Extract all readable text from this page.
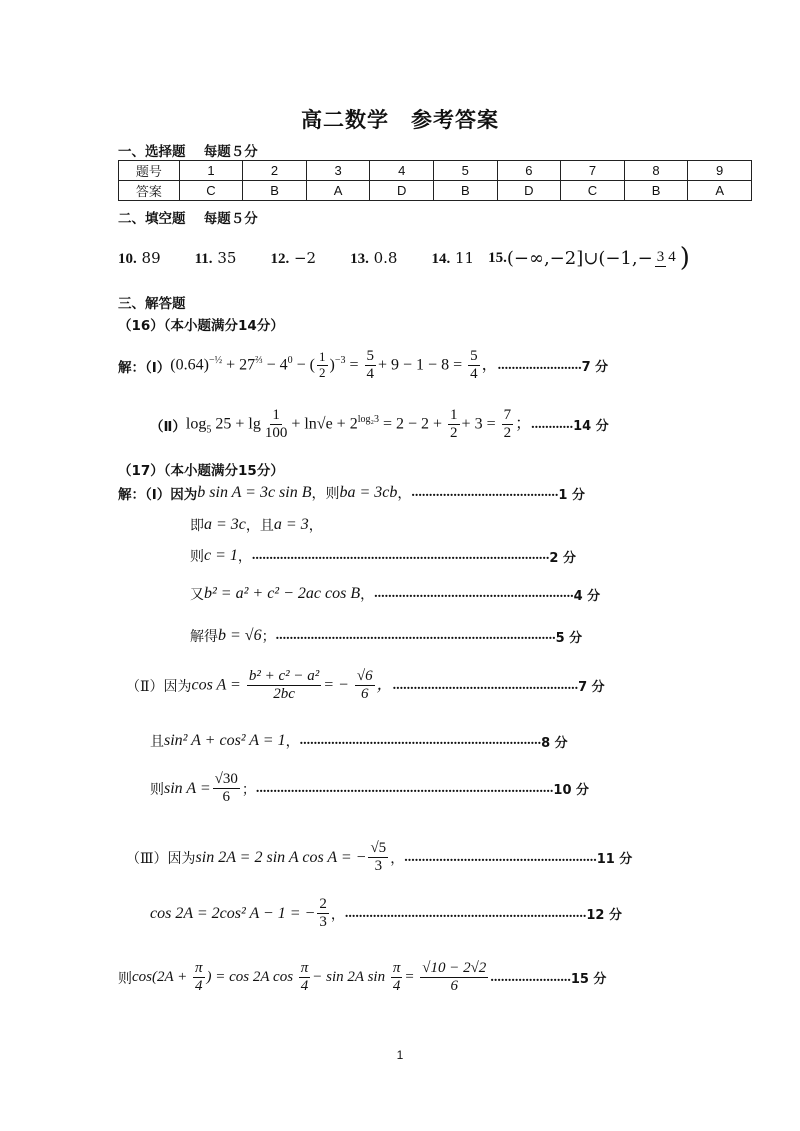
高二数学　参考答案
一、选择题　 每题５分
题号	1	2	3	4	5	6	7	8	9
答案	C	B	A	D	B	D	C	B	A
二、填空题　 每题５分
10. 89 11. 35 12. −2 13. 0.8 14. 11 15. (−∞,−2]∪(−1,− 3 4 )
三、解答题
（16）（本小题满分14分）
解：（Ⅰ） $(0.64)^{-\frac{1}{2}} + 27^{\frac{2}{3}} - 4^0$ − ( $\frac{1}{2} )^{-3} = \frac{5}{4} + 9 - 1 - 8 = \frac{5}{4}$ ， ........................ 7 分
（Ⅱ） $\log_5 25 + \lg \frac{1}{100} + \ln√e + 2^{log_23} = 2 - 2 + \frac{1}{2} + 3 = \frac{7}{2}$ ； ............ 14 分
（17）（本小题满分15分）
解：（Ⅰ）因为 b sin A = 3c sin B ，则 ba = 3cb ， .......................................... 1 分
即 a = 3c ，且 a = 3 ，
则 c = 1 ， ..................................................................................... 2 分
又 b² = a² + c² − 2ac cos B ， ......................................................... 4 分
解得 b = √6 ； ................................................................................ 5 分
（Ⅱ）因为 $\cos A = \frac{\text{b² + c² − a²}}{2bc}$ = − $\frac{√6}{6}$ ， ..................................................... 7 分
且 sin² A + cos² A = 1 ， ..................................................................... 8 分
则 $\sin A = \frac{√30}{6}$ ； ..................................................................................... 10 分
（Ⅲ）因为 sin 2A = 2 sin A cos A = − $\frac{√5}{3}$ ， ....................................................... 11 分
cos 2A = 2cos² A − 1 = − $\frac{2}{3}$ ， ..................................................................... 12 分
则 $\cos(2A + \frac{\pi}{4}$ ) = cos 2A $\cos \frac{\pi}{4} - \sin 2A$ $\sin \frac{\pi}{4} = \frac{√10 - 2√2}{6}$ ....................... 15 分
1
